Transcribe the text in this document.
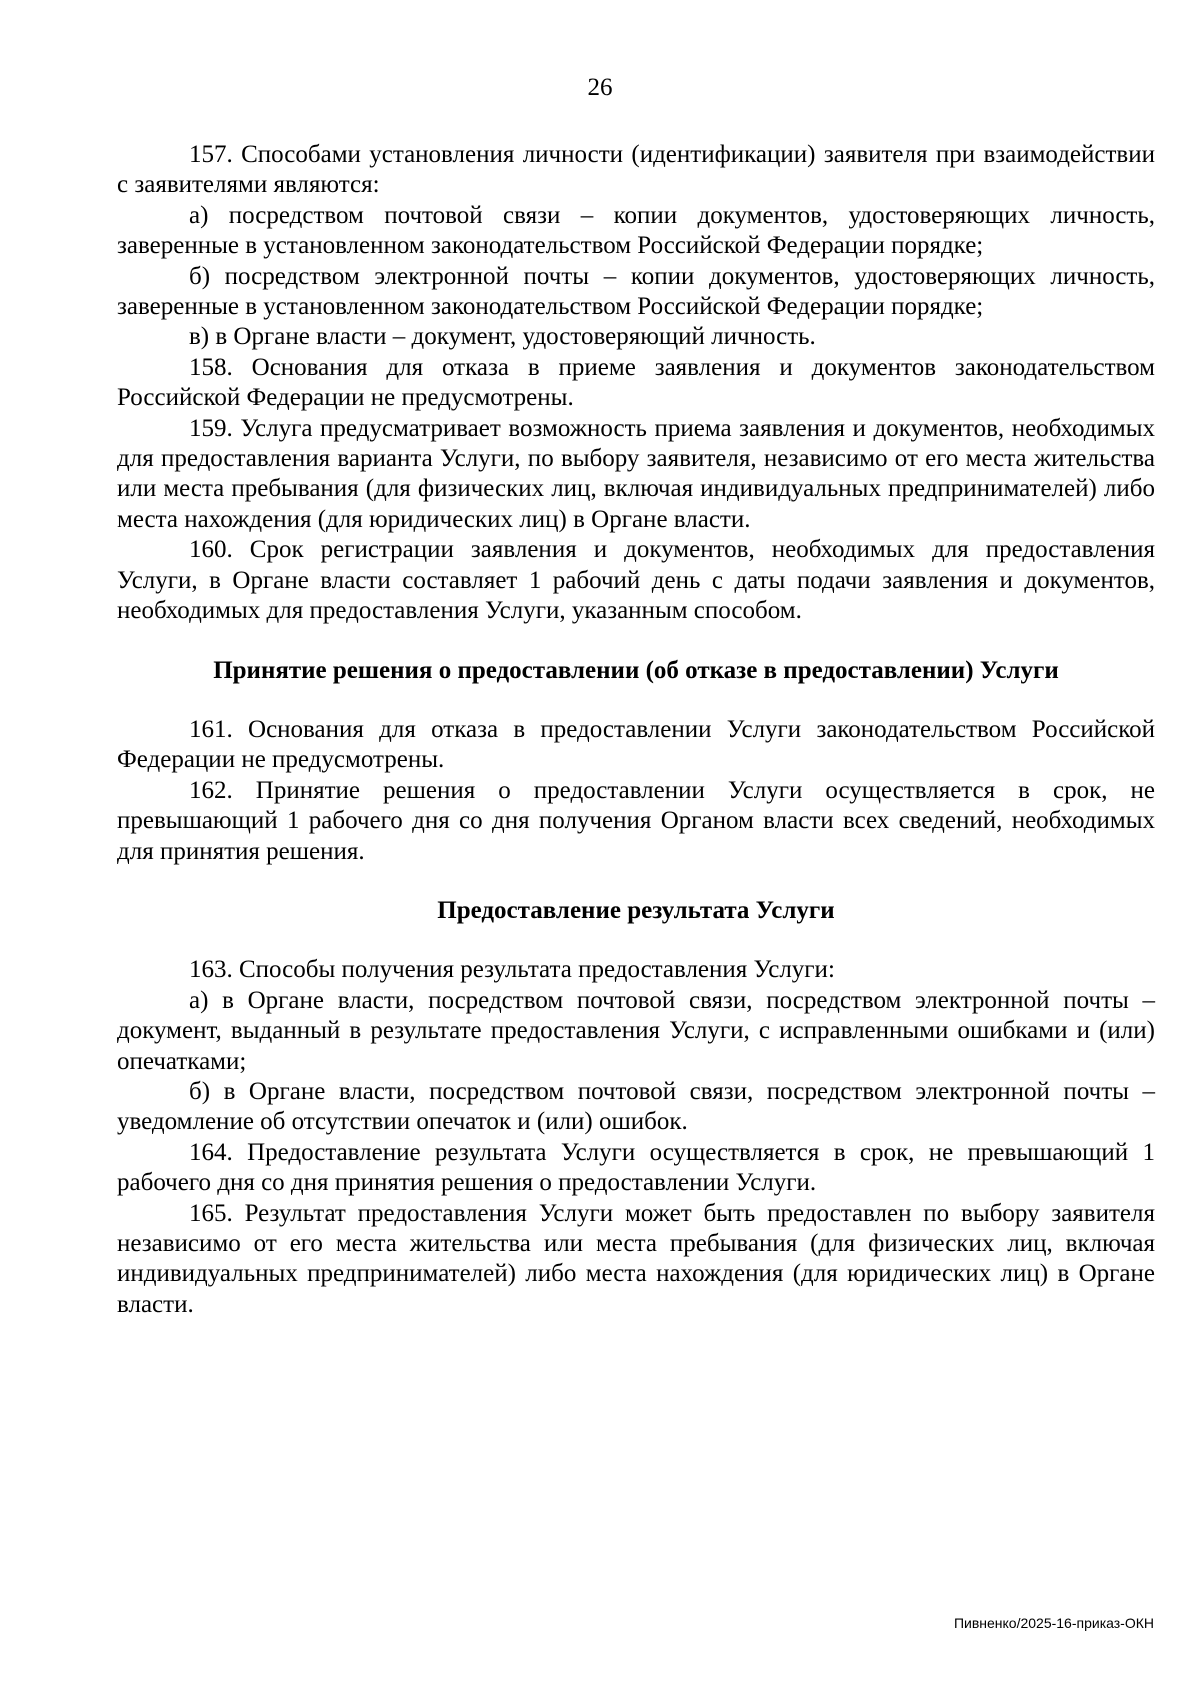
26

157. Способами установления личности (идентификации) заявителя при взаимодействии с заявителями являются:

а) посредством почтовой связи – копии документов, удостоверяющих личность, заверенные в установленном законодательством Российской Федерации порядке;

б) посредством электронной почты – копии документов, удостоверяющих личность, заверенные в установленном законодательством Российской Федерации порядке;

в) в Органе власти – документ, удостоверяющий личность.

158. Основания для отказа в приеме заявления и документов законодательством Российской Федерации не предусмотрены.

159. Услуга предусматривает возможность приема заявления и документов, необходимых для предоставления варианта Услуги, по выбору заявителя, независимо от его места жительства или места пребывания (для физических лиц, включая индивидуальных предпринимателей) либо места нахождения (для юридических лиц) в Органе власти.

160. Срок регистрации заявления и документов, необходимых для предоставления Услуги, в Органе власти составляет 1 рабочий день с даты подачи заявления и документов, необходимых для предоставления Услуги, указанным способом.

Принятие решения о предоставлении (об отказе в предоставлении) Услуги

161. Основания для отказа в предоставлении Услуги законодательством Российской Федерации не предусмотрены.

162. Принятие решения о предоставлении Услуги осуществляется в срок, не превышающий 1 рабочего дня со дня получения Органом власти всех сведений, необходимых для принятия решения.

Предоставление результата Услуги

163. Способы получения результата предоставления Услуги:

а) в Органе власти, посредством почтовой связи, посредством электронной почты – документ, выданный в результате предоставления Услуги, с исправленными ошибками и (или) опечатками;

б) в Органе власти, посредством почтовой связи, посредством электронной почты – уведомление об отсутствии опечаток и (или) ошибок.

164. Предоставление результата Услуги осуществляется в срок, не превышающий 1 рабочего дня со дня принятия решения о предоставлении Услуги.

165. Результат предоставления Услуги может быть предоставлен по выбору заявителя независимо от его места жительства или места пребывания (для физических лиц, включая индивидуальных предпринимателей) либо места нахождения (для юридических лиц) в Органе власти.

Пивненко/2025-16-приказ-ОКН
